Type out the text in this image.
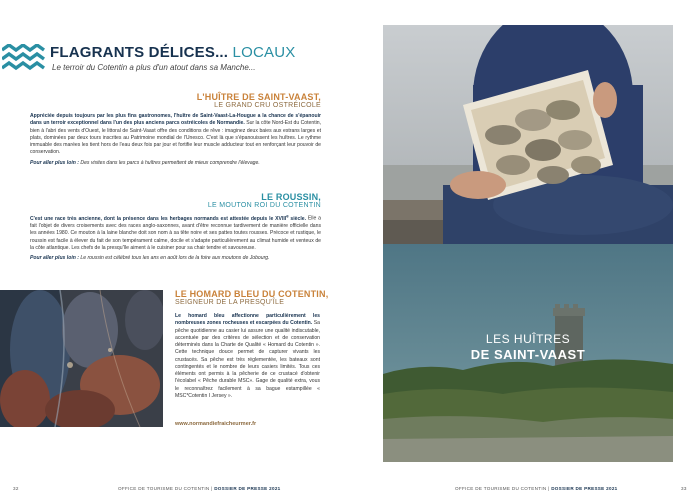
FLAGRANTS DÉLICES... LOCAUX
Le terroir du Cotentin a plus d'un atout dans sa Manche...
L'HUÎTRE DE SAINT-VAAST,
LE GRAND CRU OSTRÉICOLE
Appréciée depuis toujours par les plus fins gastronomes, l'huître de Saint-Vaast-La-Hougue a la chance de s'épanouir dans un terroir exceptionnel dans l'un des plus anciens parcs ostréicoles de Normandie. Sur la côte Nord-Est du Cotentin, bien à l'abri des vents d'Ouest, le littoral de Saint-Vaast offre des conditions de rêve : imaginez deux baies aux estrans larges et plats, dominées par deux tours inscrites au Patrimoine mondial de l'Unesco. C'est là que s'épanouissent les huîtres. Le rythme immuable des marées les tient hors de l'eau deux fois par jour et fortifie leur muscle adducteur tout en renforçant leur pouvoir de conservation.
Pour aller plus loin : Des visites dans les parcs à huîtres permettent de mieux comprendre l'élevage.
LE ROUSSIN,
LE MOUTON ROI DU COTENTIN
C'est une race très ancienne, dont la présence dans les herbages normands est attestée depuis le XVIIIe siècle. Elle a fait l'objet de divers croisements avec des races anglo-saxonnes, avant d'être reconnue tardivement de manière officielle dans les années 1980. Ce mouton à la laine blanche doit son nom à sa tête noire et ses pattes toutes rousses. Précoce et rustique, le roussin est facile à élever du fait de son tempérament calme, docile et s'adapte particulièrement au climat humide et venteux de la côte atlantique. Les chefs de la presqu'île aiment à le cuisiner pour sa chair tendre et savoureuse.
Pour aller plus loin : Le roussin est célébré tous les ans en août lors de la foire aux moutons de Jobourg.
LE HOMARD BLEU DU COTENTIN,
SEIGNEUR DE LA PRESQU'ÎLE
Le homard bleu affectionne particulièrement les nombreuses zones rocheuses et escarpées du Cotentin. Sa pêche quotidienne au casier lui assure une qualité indiscutable, accentuée par des critères de sélection et de conservation déterminés dans la Charte de Qualité « Homard du Cotentin ». Cette technique douce permet de capturer vivants les crustacés. Sa pêche est très réglementée, les bateaux sont contingentés et le nombre de leurs casiers limités. Tous ces éléments ont permis à la pêcherie de ce crustacé d'obtenir l'écolabel « Pêche durable MSC». Gage de qualité extra, vous le reconnaîtrez facilement à sa bague estampillée « MSC*Cotentin I Jersey ».
www.normandiefraicheurmer.fr
32	OFFICE DE TOURISME DU COTENTIN | DOSSIER DE PRESSE 2021	OFFICE DE TOURISME DU COTENTIN | DOSSIER DE PRESSE 2021	33
LES HUÎTRES
DE SAINT-VAAST
